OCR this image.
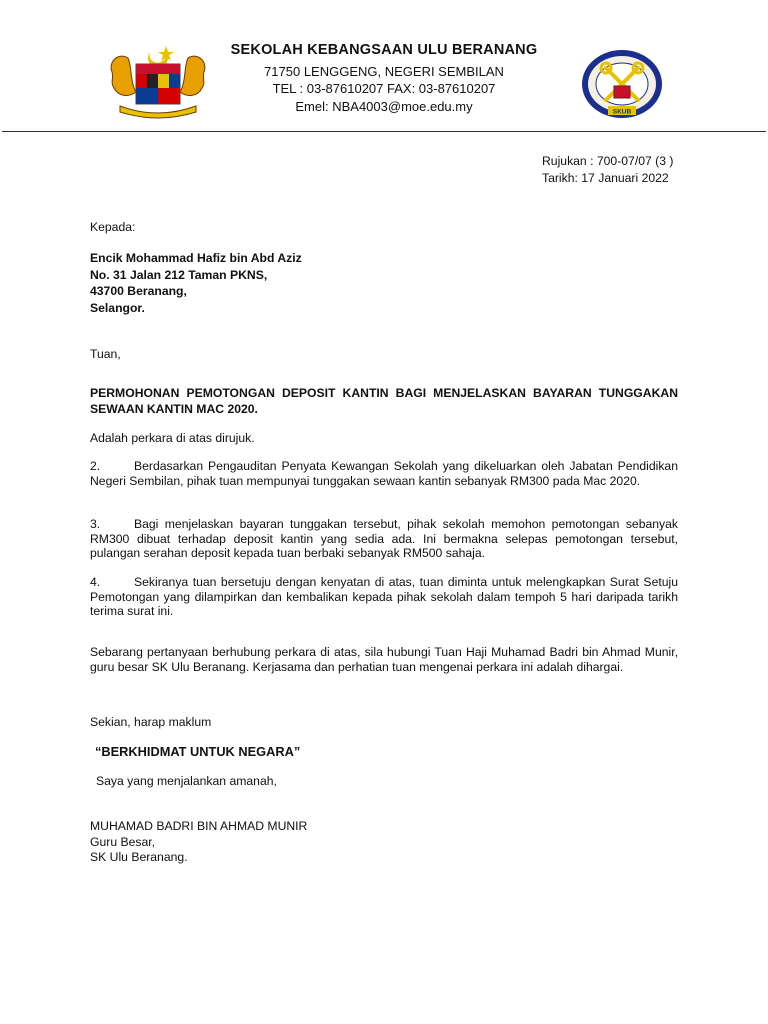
SEKOLAH KEBANGSAAN ULU BERANANG
71750 LENGGENG, NEGERI SEMBILAN
TEL : 03-87610207 FAX: 03-87610207
Emel: NBA4003@moe.edu.my	SKUB
Rujukan : 700-07/07 (3 )
Tarikh: 17 Januari 2022
Kepada:
Encik Mohammad Hafiz bin Abd Aziz
No. 31 Jalan 212 Taman PKNS,
43700 Beranang,
Selangor.
Tuan,
PERMOHONAN PEMOTONGAN DEPOSIT KANTIN BAGI MENJELASKAN BAYARAN TUNGGAKAN SEWAAN KANTIN MAC 2020.
Adalah perkara di atas dirujuk.
2.	Berdasarkan Pengauditan Penyata Kewangan Sekolah yang dikeluarkan oleh Jabatan Pendidikan Negeri Sembilan, pihak tuan mempunyai tunggakan sewaan kantin sebanyak RM300 pada Mac 2020.
3.	Bagi menjelaskan bayaran tunggakan tersebut, pihak sekolah memohon pemotongan sebanyak RM300 dibuat terhadap deposit kantin yang sedia ada. Ini bermakna selepas pemotongan tersebut, pulangan serahan deposit kepada tuan berbaki sebanyak RM500 sahaja.
4.	Sekiranya tuan bersetuju dengan kenyatan di atas, tuan diminta untuk melengkapkan Surat Setuju Pemotongan yang dilampirkan dan kembalikan kepada pihak sekolah dalam tempoh 5 hari daripada tarikh terima surat ini.
Sebarang pertanyaan berhubung perkara di atas, sila hubungi Tuan Haji Muhamad Badri bin Ahmad Munir, guru besar SK Ulu Beranang. Kerjasama dan perhatian tuan mengenai perkara ini adalah dihargai.
Sekian, harap maklum
“BERKHIDMAT UNTUK NEGARA”
Saya yang menjalankan amanah,
MUHAMAD BADRI BIN AHMAD MUNIR
Guru Besar,
SK Ulu Beranang.
